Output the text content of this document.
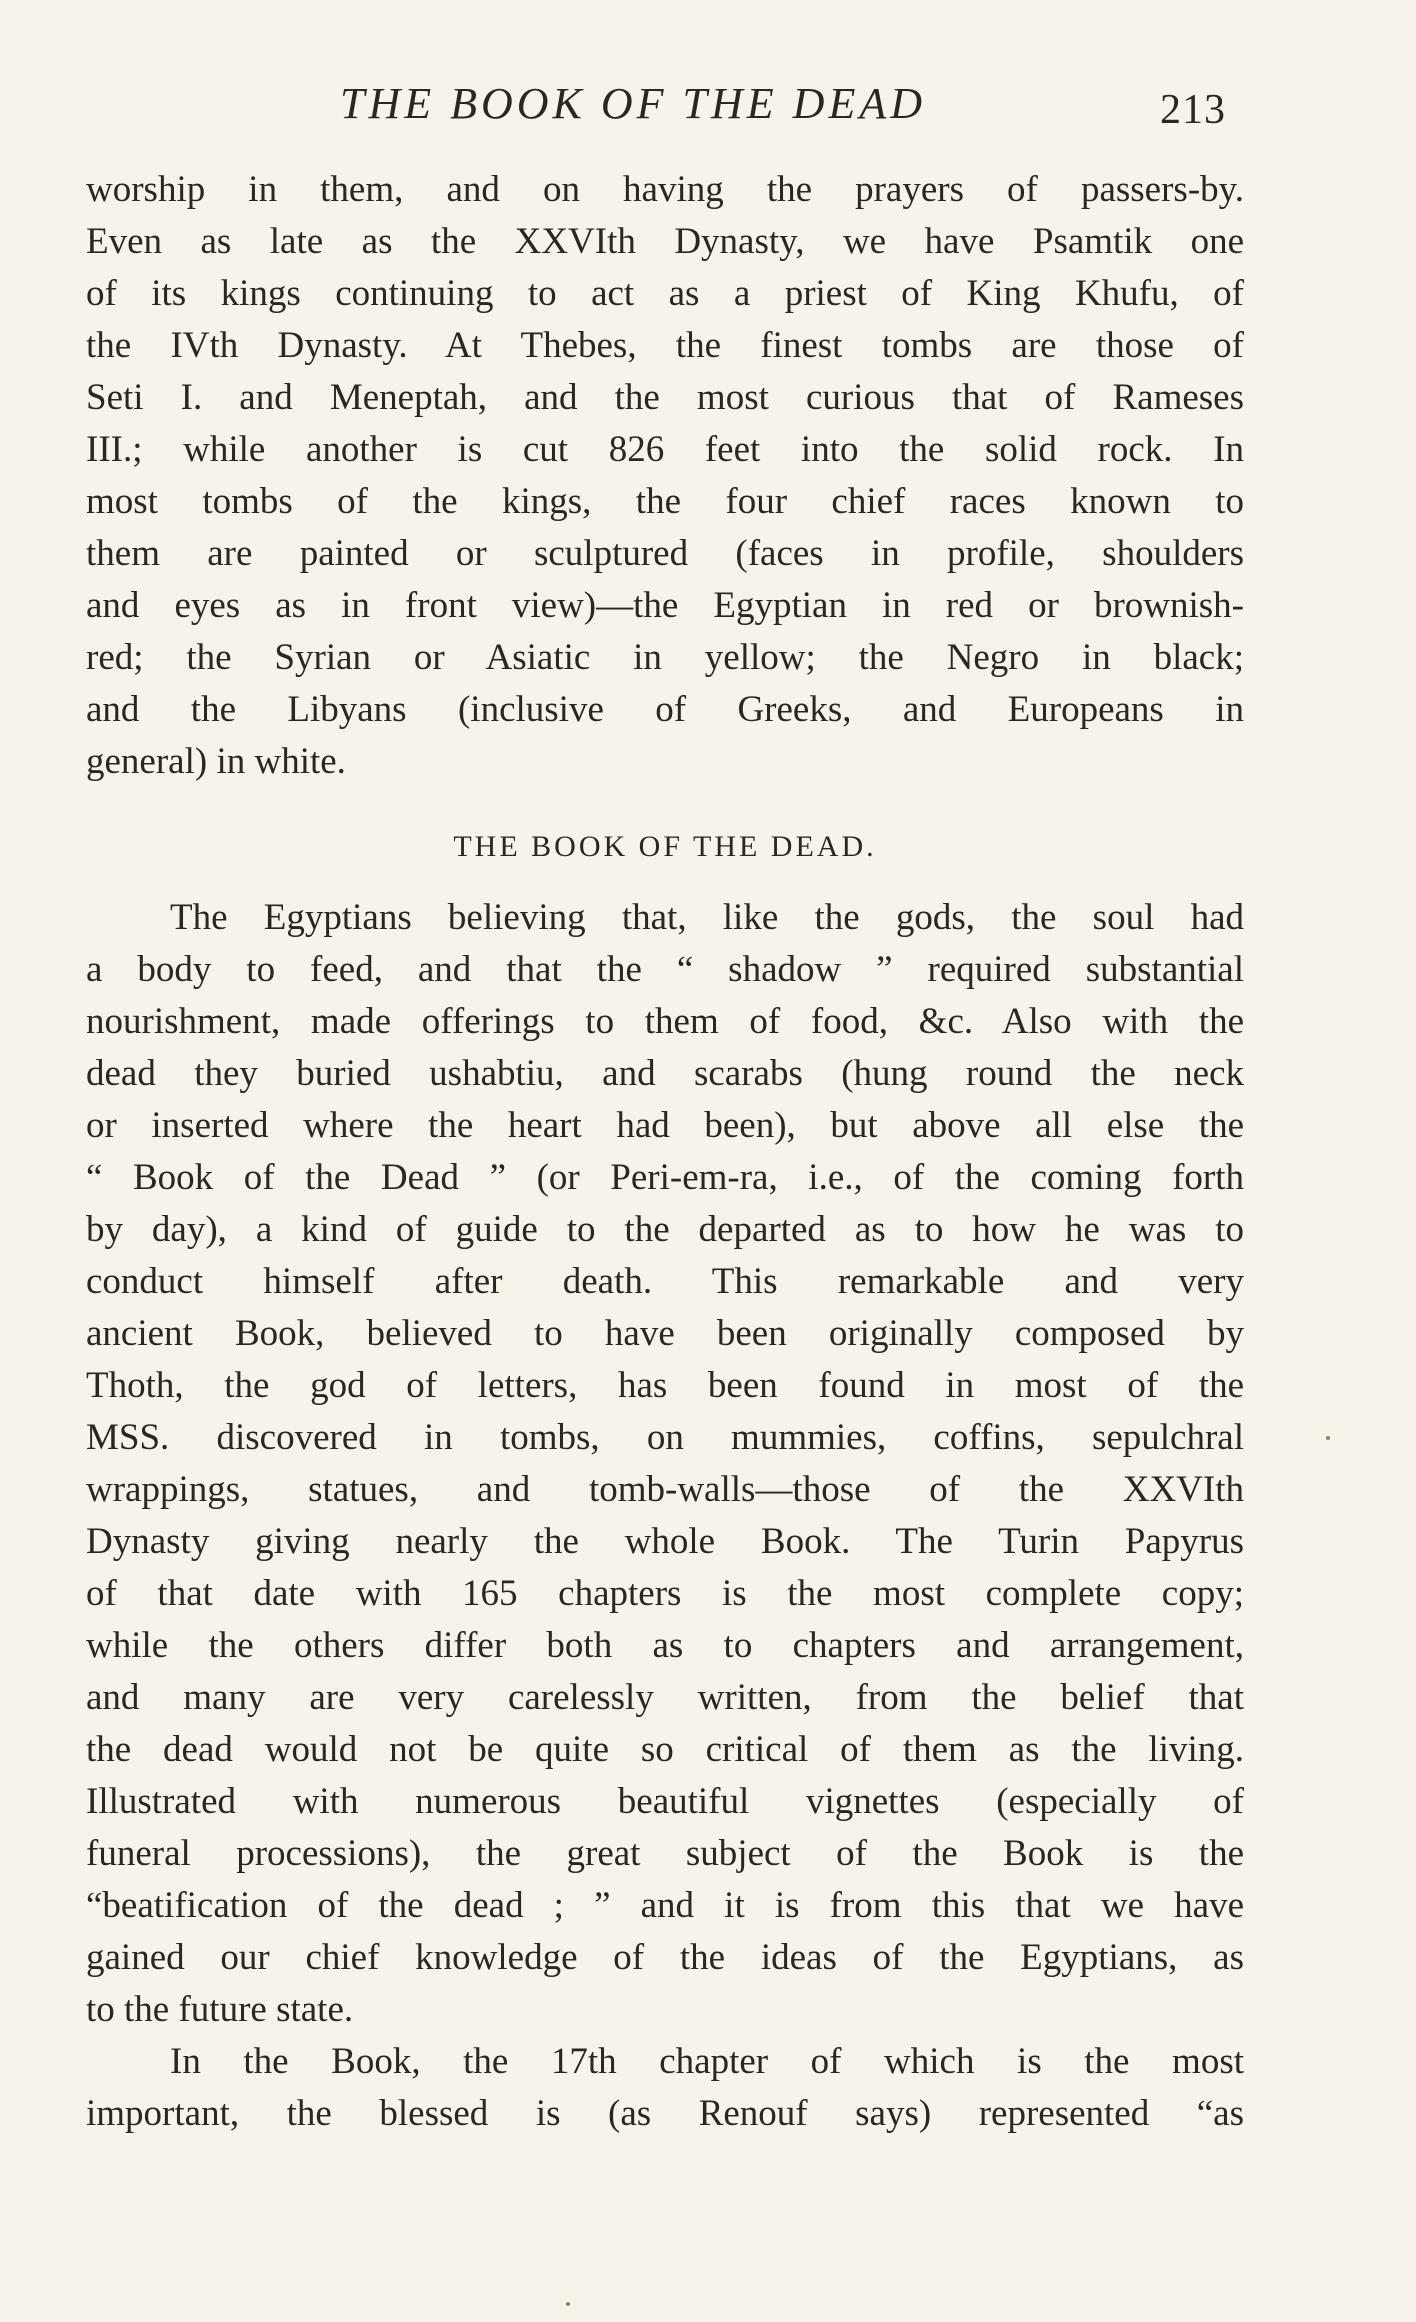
THE BOOK OF THE DEAD	213
worship in them, and on having the prayers of passers-by.
Even as late as the XXVIth Dynasty, we have Psamtik one
of its kings continuing to act as a priest of King Khufu, of
the IVth Dynasty. At Thebes, the finest tombs are those of
Seti I. and Meneptah, and the most curious that of Rameses
III.; while another is cut 826 feet into the solid rock. In
most tombs of the kings, the four chief races known to
them are painted or sculptured (faces in profile, shoulders
and eyes as in front view)—the Egyptian in red or brownish-
red; the Syrian or Asiatic in yellow; the Negro in black;
and the Libyans (inclusive of Greeks, and Europeans in
general) in white.
THE BOOK OF THE DEAD.
The Egyptians believing that, like the gods, the soul had
a body to feed, and that the “ shadow ” required substantial
nourishment, made offerings to them of food, &c. Also with the
dead they buried ushabtiu, and scarabs (hung round the neck
or inserted where the heart had been), but above all else the
“ Book of the Dead ” (or Peri-em-ra, i.e., of the coming forth
by day), a kind of guide to the departed as to how he was to
conduct himself after death. This remarkable and very
ancient Book, believed to have been originally composed by
Thoth, the god of letters, has been found in most of the
MSS. discovered in tombs, on mummies, coffins, sepulchral
wrappings, statues, and tomb-walls—those of the XXVIth
Dynasty giving nearly the whole Book. The Turin Papyrus
of that date with 165 chapters is the most complete copy;
while the others differ both as to chapters and arrangement,
and many are very carelessly written, from the belief that
the dead would not be quite so critical of them as the living.
Illustrated with numerous beautiful vignettes (especially of
funeral processions), the great subject of the Book is the
“beatification of the dead ; ” and it is from this that we have
gained our chief knowledge of the ideas of the Egyptians, as
to the future state.
In the Book, the 17th chapter of which is the most
important, the blessed is (as Renouf says) represented “as
